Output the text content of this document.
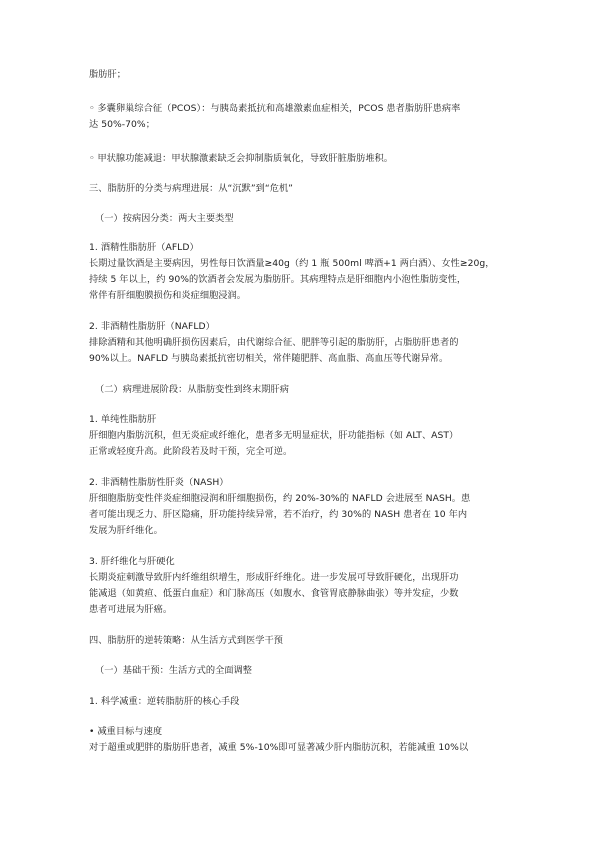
脂肪肝；
◦ 多囊卵巢综合征（PCOS）：与胰岛素抵抗和高雄激素血症相关，PCOS 患者脂肪肝患病率
达 50%-70%；
◦ 甲状腺功能减退：甲状腺激素缺乏会抑制脂质氧化，导致肝脏脂肪堆积。
三、脂肪肝的分类与病理进展：从“沉默”到“危机”
（一）按病因分类：两大主要类型
1. 酒精性脂肪肝（AFLD）
长期过量饮酒是主要病因，男性每日饮酒量≥40g（约 1 瓶 500ml 啤酒+1 两白酒）、女性≥20g，
持续 5 年以上，约 90%的饮酒者会发展为脂肪肝。其病理特点是肝细胞内小泡性脂肪变性，
常伴有肝细胞膜损伤和炎症细胞浸润。
2. 非酒精性脂肪肝（NAFLD）
排除酒精和其他明确肝损伤因素后，由代谢综合征、肥胖等引起的脂肪肝，占脂肪肝患者的
90%以上。NAFLD 与胰岛素抵抗密切相关，常伴随肥胖、高血脂、高血压等代谢异常。
（二）病理进展阶段：从脂肪变性到终末期肝病
1. 单纯性脂肪肝
肝细胞内脂肪沉积，但无炎症或纤维化，患者多无明显症状，肝功能指标（如 ALT、AST）
正常或轻度升高。此阶段若及时干预，完全可逆。
2. 非酒精性脂肪性肝炎（NASH）
肝细胞脂肪变性伴炎症细胞浸润和肝细胞损伤，约 20%-30%的 NAFLD 会进展至 NASH。患
者可能出现乏力、肝区隐痛，肝功能持续异常，若不治疗，约 30%的 NASH 患者在 10 年内
发展为肝纤维化。
3. 肝纤维化与肝硬化
长期炎症刺激导致肝内纤维组织增生，形成肝纤维化。进一步发展可导致肝硬化，出现肝功
能减退（如黄疸、低蛋白血症）和门脉高压（如腹水、食管胃底静脉曲张）等并发症，少数
患者可进展为肝癌。
四、脂肪肝的逆转策略：从生活方式到医学干预
（一）基础干预：生活方式的全面调整
1. 科学减重：逆转脂肪肝的核心手段
• 减重目标与速度
对于超重或肥胖的脂肪肝患者，减重 5%-10%即可显著减少肝内脂肪沉积，若能减重 10%以
